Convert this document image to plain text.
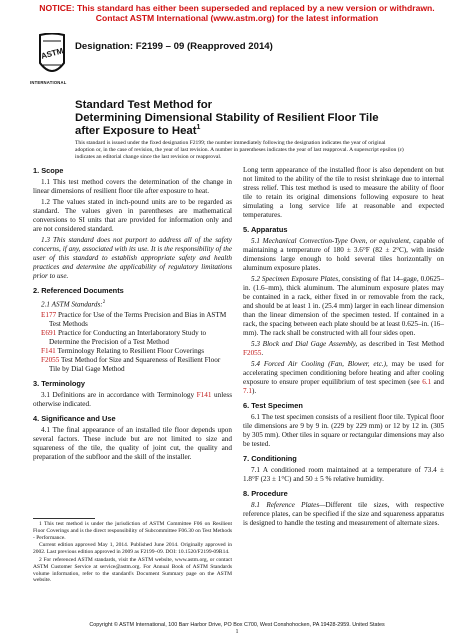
NOTICE: This standard has either been superseded and replaced by a new version or withdrawn.
Contact ASTM International (www.astm.org) for the latest information
ASTM
INTERNATIONAL
Designation: F2199 – 09 (Reapproved 2014)
Standard Test Method for
Determining Dimensional Stability of Resilient Floor Tile
after Exposure to Heat$^1$
This standard is issued under the fixed designation F2199; the number immediately following the designation indicates the year of original adoption or, in the case of revision, the year of last revision. A number in parentheses indicates the year of last reapproval. A superscript epsilon (ε) indicates an editorial change since the last revision or reapproval.
1. Scope

1.1 This test method covers the determination of the change in linear dimensions of resilient floor tile after exposure to heat.

1.2 The values stated in inch-pound units are to be regarded as standard. The values given in parentheses are mathematical conversions to SI units that are provided for information only and are not considered standard.

1.3 This standard does not purport to address all of the safety concerns, if any, associated with its use. It is the responsibility of the user of this standard to establish appropriate safety and health practices and determine the applicability of regulatory limitations prior to use.

2. Referenced Documents

2.1 ASTM Standards:$^2$

E177 Practice for Use of the Terms Precision and Bias in ASTM Test Methods
E691 Practice for Conducting an Interlaboratory Study to Determine the Precision of a Test Method
F141 Terminology Relating to Resilient Floor Coverings
F2055 Test Method for Size and Squareness of Resilient Floor Tile by Dial Gage Method
3. Terminology

3.1 Definitions are in accordance with Terminology F141 unless otherwise indicated.

4. Significance and Use

4.1 The final appearance of an installed tile floor depends upon several factors. These include but are not limited to size and squareness of the tile, the quality of joint cut, the quality and preparation of the subfloor and the skill of the installer.

1 This test method is under the jurisdiction of ASTM Committee F06 on Resilient Floor Coverings and is the direct responsibility of Subcommittee F06.30 on Test Methods - Performance.

Current edition approved May 1, 2014. Published June 2014. Originally approved in 2002. Last previous edition approved in 2009 as F2199–09. DOI: 10.1520/F2199-09R14.

2 For referenced ASTM standards, visit the ASTM website, www.astm.org, or contact ASTM Customer Service at service@astm.org. For Annual Book of ASTM Standards volume information, refer to the standard's Document Summary page on the ASTM website.

Long term appearance of the installed floor is also dependent on but not limited to the ability of the tile to resist shrinkage due to internal stress relief. This test method is used to measure the ability of floor tile to retain its original dimensions following exposure to heat simulating a long service life at reasonable and expected temperatures.

5. Apparatus

5.1 Mechanical Convection-Type Oven, or equivalent, capable of maintaining a temperature of 180 ± 3.6°F (82 ± 2°C), with inside dimensions large enough to hold several tiles horizontally on aluminum exposure plates.

5.2 Specimen Exposure Plates, consisting of flat 14–gage, 0.0625–in. (1.6–mm), thick aluminum. The aluminum exposure plates may be contained in a rack, either fixed in or removable from the rack, and should be at least 1 in. (25.4 mm) larger in each linear dimension than the linear dimension of the specimen tested. If contained in a rack, the spacing between each plate should be at least 0.625–in. (16–mm). The rack shall be constructed with all four sides open.

5.3 Block and Dial Gage Assembly, as described in Test Method F2055.

5.4 Forced Air Cooling (Fan, Blower, etc.), may be used for accelerating specimen conditioning before heating and after cooling exposure to ensure proper equilibrium of test specimen (see 6.1 and 7.1).

6. Test Specimen

6.1 The test specimen consists of a resilient floor tile. Typical floor tile dimensions are 9 by 9 in. (229 by 229 mm) or 12 by 12 in. (305 by 305 mm). Other tiles in square or rectangular dimensions may also be tested.

7. Conditioning

7.1 A conditioned room maintained at a temperature of 73.4 ± 1.8°F (23 ± 1°C) and 50 ± 5 % relative humidity.

8. Procedure

8.1 Reference Plates—Different tile sizes, with respective reference plates, can be specified if the size and squareness apparatus is designed to handle the testing and measurement of alternate sizes.

Copyright © ASTM International, 100 Barr Harbor Drive, PO Box C700, West Conshohocken, PA 19428-2959. United States
1
